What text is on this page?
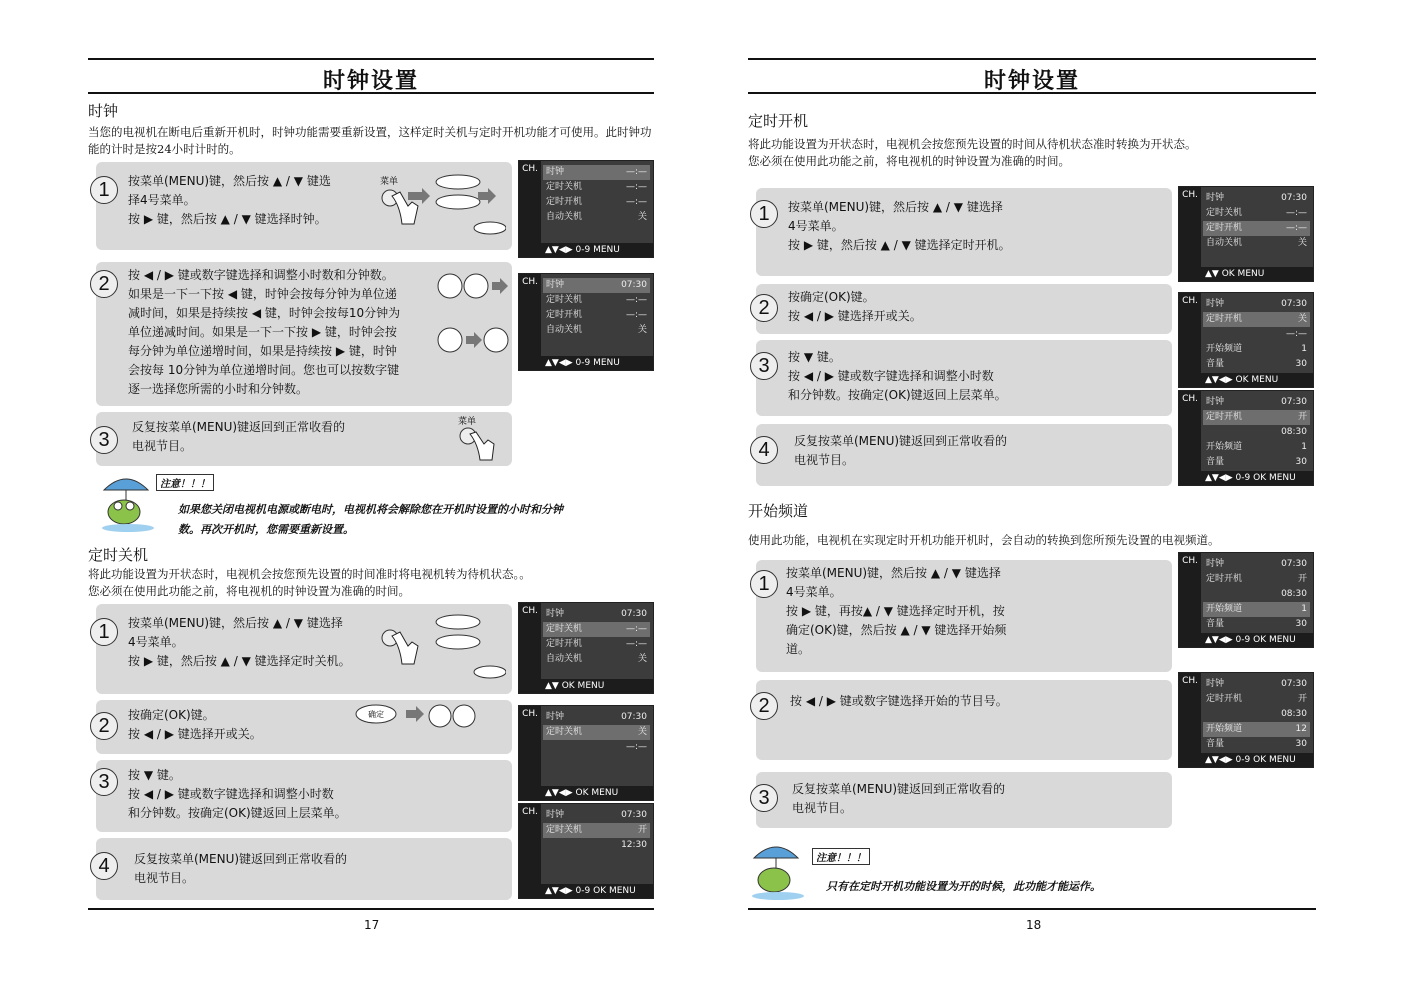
时钟设置
时钟
当您的电视机在断电后重新开机时，时钟功能需要重新设置，这样定时关机与定时开机功能才可使用。此时钟功能的计时是按24小时计时的。
1	按菜单(MENU)键，然后按 ▲ / ▼ 键选
择4号菜单。
按 ▶ 键，然后按 ▲ / ▼ 键选择时钟。
菜单
CH. 时钟	—:—
定时关机	—:—
定时开机	—:—
自动关机	关
▲▼◀▶ 0-9 MENU
2	按 ◀ / ▶ 键或数字键选择和调整小时数和分钟数。
如果是一下一下按 ◀ 键，时钟会按每分钟为单位递
减时间，如果是持续按 ◀ 键，时钟会按每10分钟为
单位递减时间。如果是一下一下按 ▶ 键，时钟会按
每分钟为单位递增时间，如果是持续按 ▶ 键，时钟
会按每 10分钟为单位递增时间。您也可以按数字键
逐一选择您所需的小时和分钟数。
CH. 时钟	07:30
定时关机	—:—
定时开机	—:—
自动关机	关
▲▼◀▶ 0-9 MENU
3
反复按菜单(MENU)键返回到正常收看的
电视节目。
菜单
注意！！！
如果您关闭电视机电源或断电时，电视机将会解除您在开机时设置的小时和分钟
数。再次开机时，您需要重新设置。
定时关机
将此功能设置为开状态时，电视机会按您预先设置的时间准时将电视机转为待机状态。。
您必须在使用此功能之前，将电视机的时钟设置为准确的时间。
1	按菜单(MENU)键，然后按 ▲ / ▼ 键选择
4号菜单。
按 ▶ 键，然后按 ▲ / ▼ 键选择定时关机。
CH. 时钟	07:30
定时关机	—:—
定时开机	—:—
自动关机	关
▲▼ OK MENU
2	按确定(OK)键。
按 ◀ / ▶ 键选择开或关。
确定	CH. 时钟	07:30
定时关机	关
—:—
▲▼◀▶ OK MENU
3	按 ▼ 键。
按 ◀ / ▶ 键或数字键选择和调整小时数
和分钟数。按确定(OK)键返回上层菜单。	CH. 时钟	07:30
定时关机	开
12:30
▲▼◀▶ 0-9 OK MENU
4	反复按菜单(MENU)键返回到正常收看的
电视节目。
17
时钟设置
定时开机
将此功能设置为开状态时，电视机会按您预先设置的时间从待机状态准时转换为开状态。
您必须在使用此功能之前，将电视机的时钟设置为准确的时间。
1	按菜单(MENU)键，然后按 ▲ / ▼ 键选择
4号菜单。
按 ▶ 键，然后按 ▲ / ▼ 键选择定时开机。
CH. 时钟	07:30
定时关机	—:—
定时开机	—:—
自动关机	关
▲▼ OK MENU
2	按确定(OK)键。
按 ◀ / ▶ 键选择开或关。
CH. 时钟	07:30
定时开机	关
—:—
开始频道	1
音量	30
▲▼◀▶ OK MENU
3	按 ▼ 键。
按 ◀ / ▶ 键或数字键选择和调整小时数
和分钟数。按确定(OK)键返回上层菜单。	CH. 时钟	07:30
定时开机	开
08:30
开始频道	1
音量	30
▲▼◀▶ 0-9 OK MENU
4	反复按菜单(MENU)键返回到正常收看的
电视节目。
开始频道
使用此功能，电视机在实现定时开机功能开机时，会自动的转换到您所预先设置的电视频道。
1	按菜单(MENU)键，然后按 ▲ / ▼ 键选择
4号菜单。
按 ▶ 键，再按▲ / ▼ 键选择定时开机，按
确定(OK)键，然后按 ▲ / ▼ 键选择开始频
道。
CH. 时钟	07:30
定时开机	开
08:30
开始频道	1
音量	30
▲▼◀▶ 0-9 OK MENU
2	按 ◀ / ▶ 键或数字键选择开始的节目号。
CH. 时钟	07:30
定时开机	开
08:30
开始频道	12
音量	30
▲▼◀▶ 0-9 OK MENU
3	反复按菜单(MENU)键返回到正常收看的
电视节目。
注意！！！
只有在定时开机功能设置为开的时候，此功能才能运作。
18
